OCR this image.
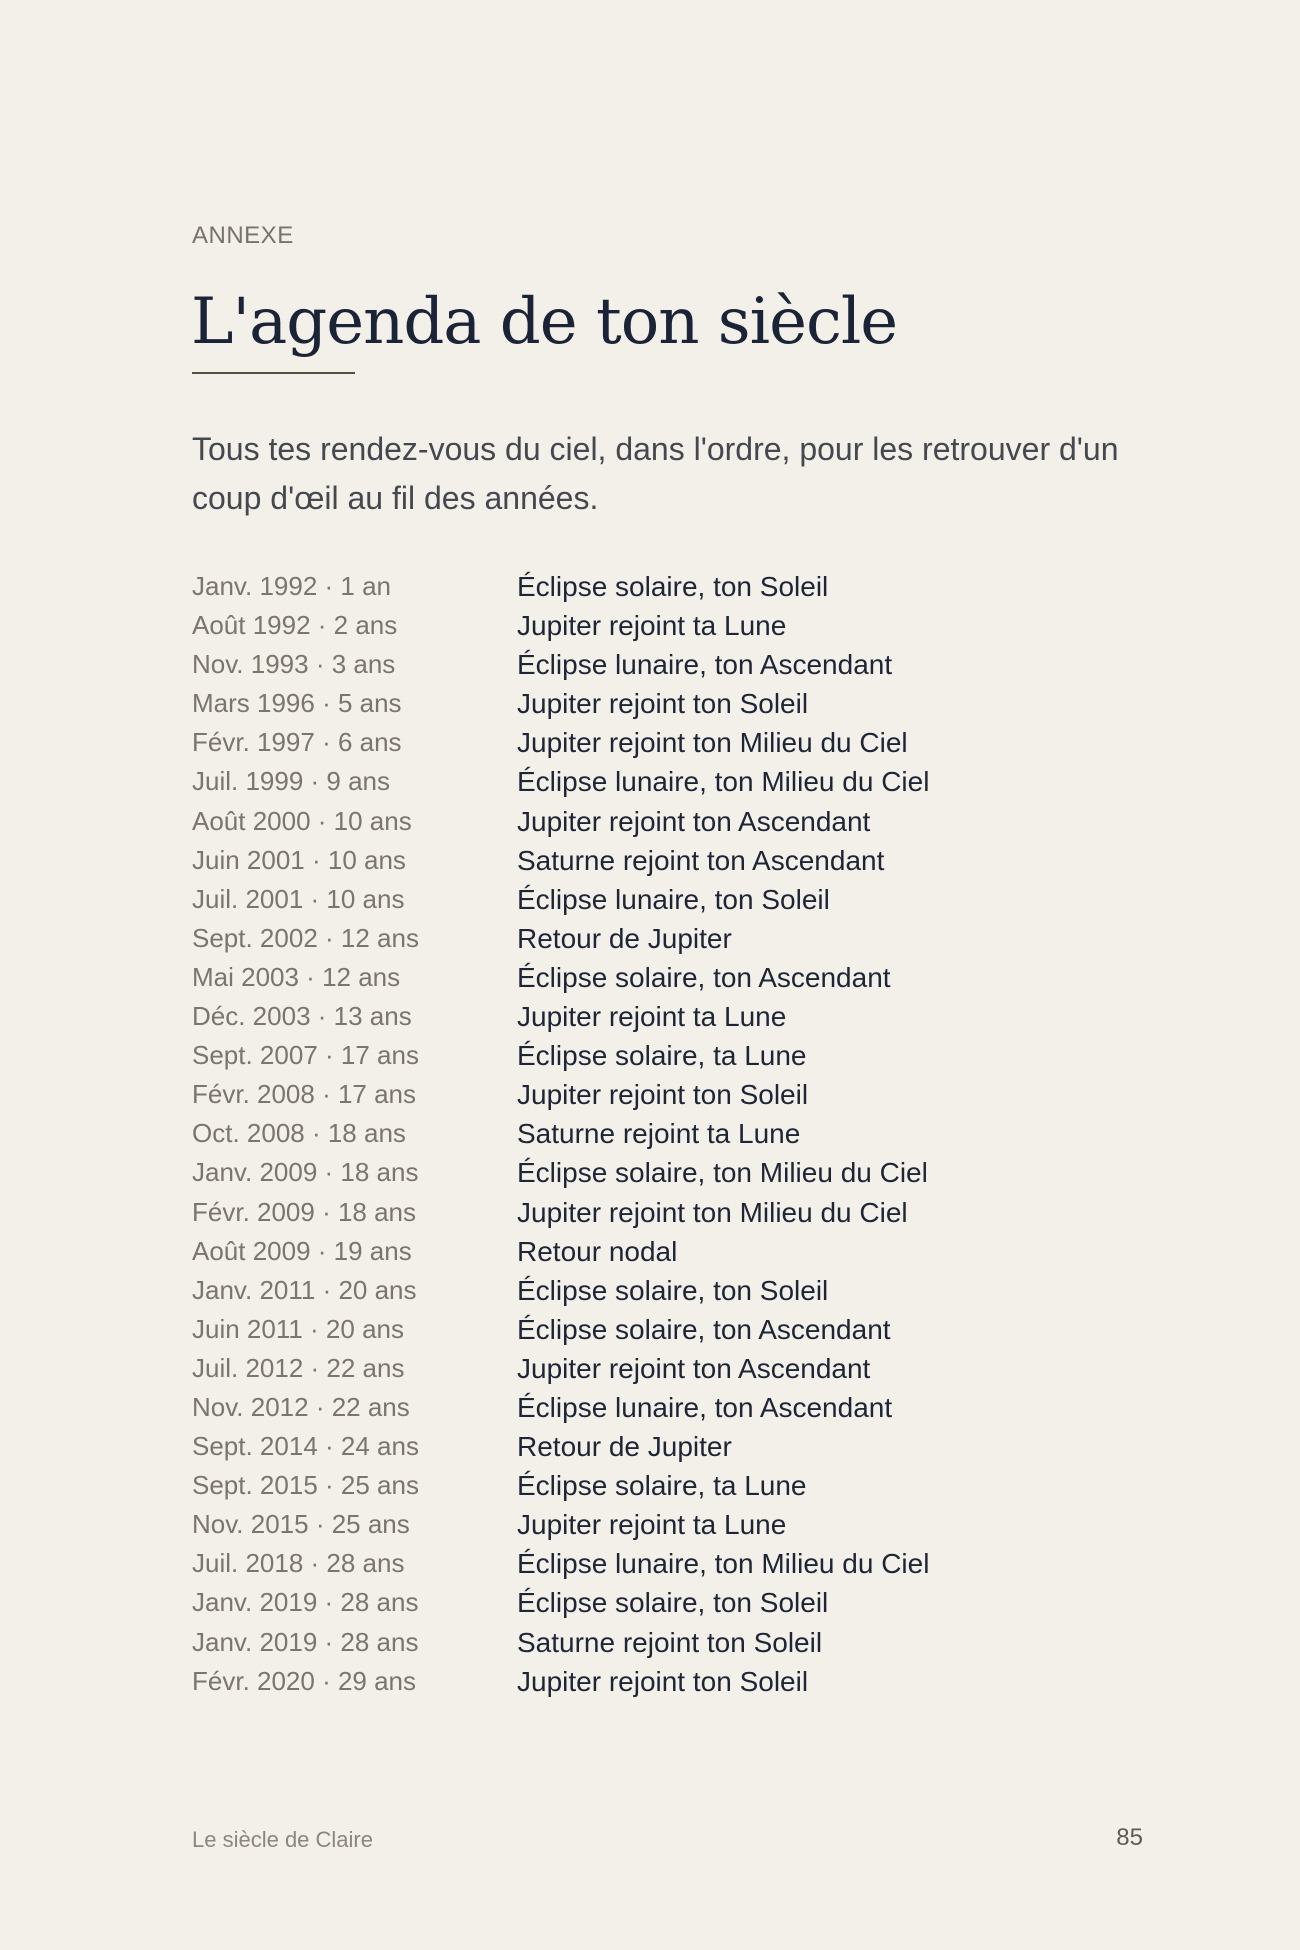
ANNEXE
L'agenda de ton siècle

Tous tes rendez-vous du ciel, dans l'ordre, pour les retrouver d'un coup d'œil au fil des années.

Janv. 1992 · 1 an	Éclipse solaire, ton Soleil
Août 1992 · 2 ans	Jupiter rejoint ta Lune
Nov. 1993 · 3 ans	Éclipse lunaire, ton Ascendant
Mars 1996 · 5 ans	Jupiter rejoint ton Soleil
Févr. 1997 · 6 ans	Jupiter rejoint ton Milieu du Ciel
Juil. 1999 · 9 ans	Éclipse lunaire, ton Milieu du Ciel
Août 2000 · 10 ans	Jupiter rejoint ton Ascendant
Juin 2001 · 10 ans	Saturne rejoint ton Ascendant
Juil. 2001 · 10 ans	Éclipse lunaire, ton Soleil
Sept. 2002 · 12 ans	Retour de Jupiter
Mai 2003 · 12 ans	Éclipse solaire, ton Ascendant
Déc. 2003 · 13 ans	Jupiter rejoint ta Lune
Sept. 2007 · 17 ans	Éclipse solaire, ta Lune
Févr. 2008 · 17 ans	Jupiter rejoint ton Soleil
Oct. 2008 · 18 ans	Saturne rejoint ta Lune
Janv. 2009 · 18 ans	Éclipse solaire, ton Milieu du Ciel
Févr. 2009 · 18 ans	Jupiter rejoint ton Milieu du Ciel
Août 2009 · 19 ans	Retour nodal
Janv. 2011 · 20 ans	Éclipse solaire, ton Soleil
Juin 2011 · 20 ans	Éclipse solaire, ton Ascendant
Juil. 2012 · 22 ans	Jupiter rejoint ton Ascendant
Nov. 2012 · 22 ans	Éclipse lunaire, ton Ascendant
Sept. 2014 · 24 ans	Retour de Jupiter
Sept. 2015 · 25 ans	Éclipse solaire, ta Lune
Nov. 2015 · 25 ans	Jupiter rejoint ta Lune
Juil. 2018 · 28 ans	Éclipse lunaire, ton Milieu du Ciel
Janv. 2019 · 28 ans	Éclipse solaire, ton Soleil
Janv. 2019 · 28 ans	Saturne rejoint ton Soleil
Févr. 2020 · 29 ans	Jupiter rejoint ton Soleil
Le siècle de Claire	85
